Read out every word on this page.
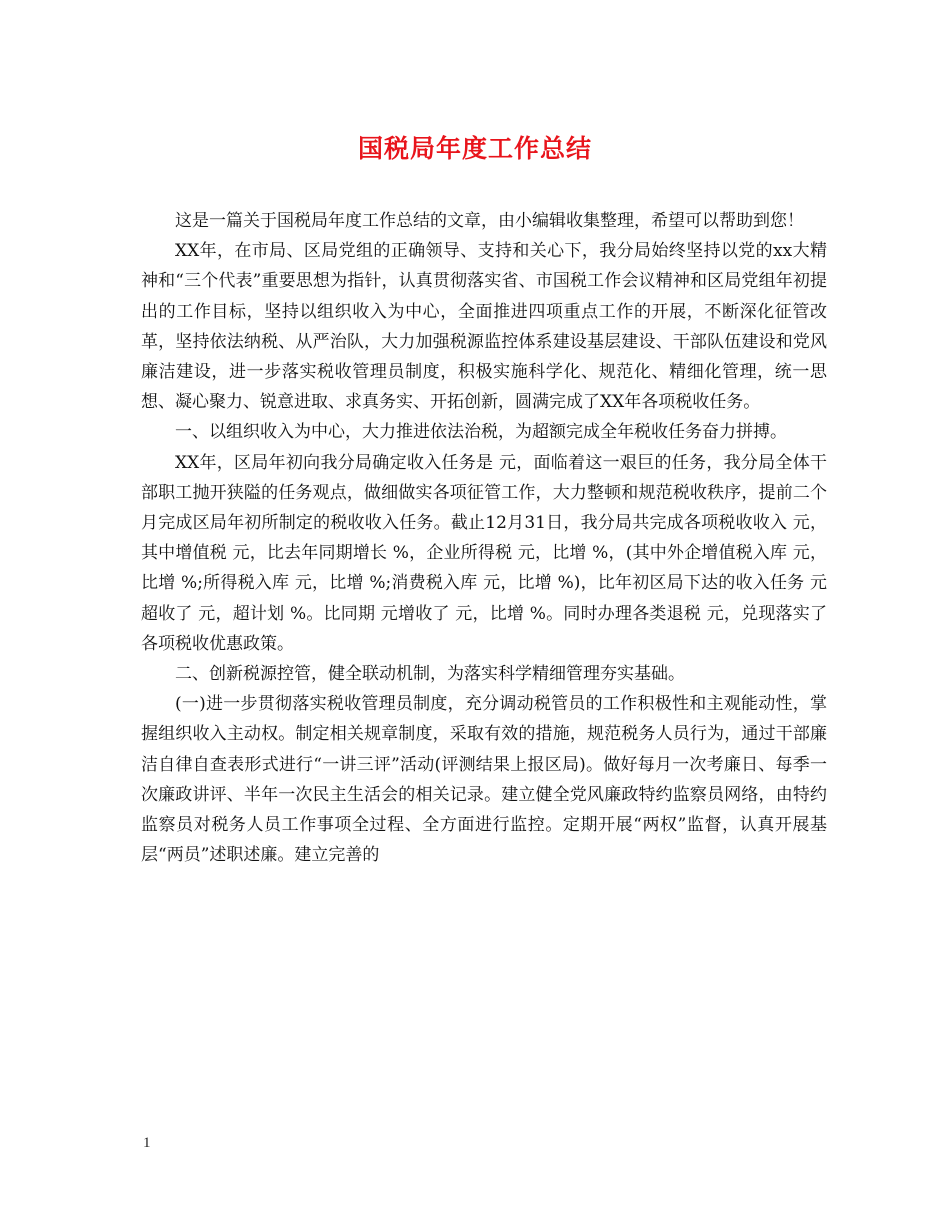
国税局年度工作总结

这是一篇关于国税局年度工作总结的文章，由小编辑收集整理，希望可以帮助到您！

XX年，在市局、区局党组的正确领导、支持和关心下，我分局始终坚持以党的xx大精神和“三个代表”重要思想为指针，认真贯彻落实省、市国税工作会议精神和区局党组年初提出的工作目标，坚持以组织收入为中心，全面推进四项重点工作的开展，不断深化征管改革，坚持依法纳税、从严治队，大力加强税源监控体系建设基层建设、干部队伍建设和党风廉洁建设，进一步落实税收管理员制度，积极实施科学化、规范化、精细化管理，统一思想、凝心聚力、锐意进取、求真务实、开拓创新，圆满完成了XX年各项税收任务。

一、以组织收入为中心，大力推进依法治税，为超额完成全年税收任务奋力拼搏。

XX年，区局年初向我分局确定收入任务是 元，面临着这一艰巨的任务，我分局全体干部职工抛开狭隘的任务观点，做细做实各项征管工作，大力整顿和规范税收秩序，提前二个月完成区局年初所制定的税收收入任务。截止12月31日，我分局共完成各项税收收入 元，其中增值税 元，比去年同期增长 %，企业所得税 元，比增 %，(其中外企增值税入库 元，比增 %;所得税入库 元，比增 %;消费税入库 元，比增 %)，比年初区局下达的收入任务 元超收了 元，超计划 %。比同期 元增收了 元，比增 %。同时办理各类退税 元，兑现落实了各项税收优惠政策。

二、创新税源控管，健全联动机制，为落实科学精细管理夯实基础。

(一)进一步贯彻落实税收管理员制度，充分调动税管员的工作积极性和主观能动性，掌握组织收入主动权。制定相关规章制度，采取有效的措施，规范税务人员行为，通过干部廉洁自律自查表形式进行“一讲三评”活动(评测结果上报区局)。做好每月一次考廉日、每季一次廉政讲评、半年一次民主生活会的相关记录。建立健全党风廉政特约监察员网络，由特约监察员对税务人员工作事项全过程、全方面进行监控。定期开展“两权”监督，认真开展基层“两员”述职述廉。建立完善的

1
